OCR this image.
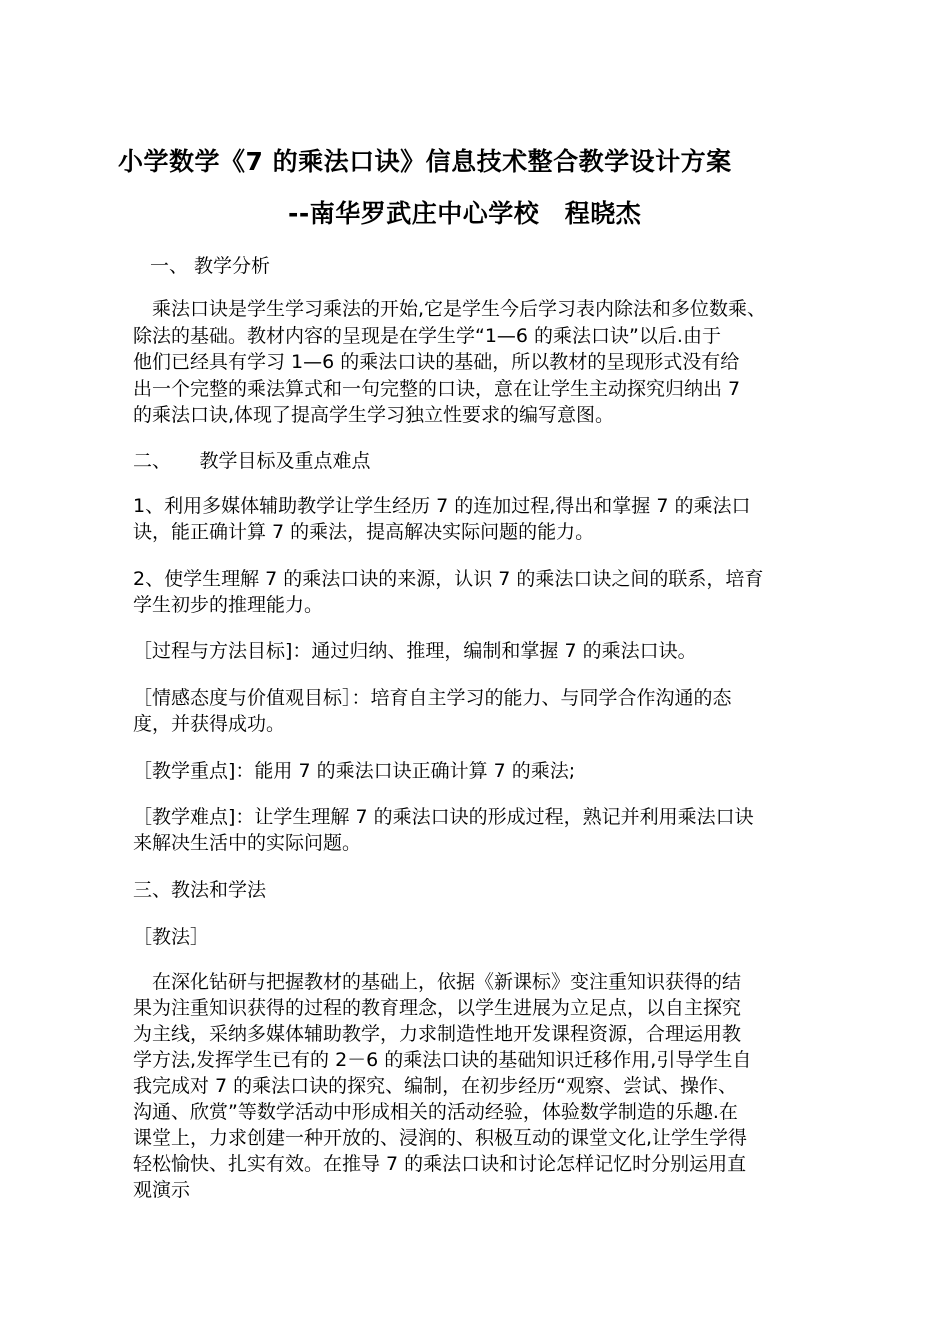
小学数学《7 的乘法口诀》信息技术整合教学设计方案
--南华罗武庄中心学校　程晓杰
一、 教学分析
　乘法口诀是学生学习乘法的开始,它是学生今后学习表内除法和多位数乘、
除法的基础。教材内容的呈现是在学生学“1—6 的乘法口诀”以后.由于
他们已经具有学习 1—6 的乘法口诀的基础，所以教材的呈现形式没有给
出一个完整的乘法算式和一句完整的口诀，意在让学生主动探究归纳出 7
的乘法口诀,体现了提高学生学习独立性要求的编写意图。
二、　　教学目标及重点难点
1、利用多媒体辅助教学让学生经历 7 的连加过程,得出和掌握 7 的乘法口
诀，能正确计算 7 的乘法，提高解决实际问题的能力。
2、使学生理解 7 的乘法口诀的来源，认识 7 的乘法口诀之间的联系，培育
学生初步的推理能力。
［过程与方法目标]：通过归纳、推理，编制和掌握 7 的乘法口诀。
［情感态度与价值观目标］：培育自主学习的能力、与同学合作沟通的态
度，并获得成功。
［教学重点]：能用 7 的乘法口诀正确计算 7 的乘法;
［教学难点]：让学生理解 7 的乘法口诀的形成过程，熟记并利用乘法口诀
来解决生活中的实际问题。
三、教法和学法
［教法］
　在深化钻研与把握教材的基础上，依据《新课标》变注重知识获得的结
果为注重知识获得的过程的教育理念，以学生进展为立足点，以自主探究
为主线，采纳多媒体辅助教学，力求制造性地开发课程资源，合理运用教
学方法,发挥学生已有的 2－6 的乘法口诀的基础知识迁移作用,引导学生自
我完成对 7 的乘法口诀的探究、编制，在初步经历“观察、尝试、操作、
沟通、欣赏”等数学活动中形成相关的活动经验，体验数学制造的乐趣.在
课堂上，力求创建一种开放的、浸润的、积极互动的课堂文化,让学生学得
轻松愉快、扎实有效。在推导 7 的乘法口诀和讨论怎样记忆时分别运用直
观演示
